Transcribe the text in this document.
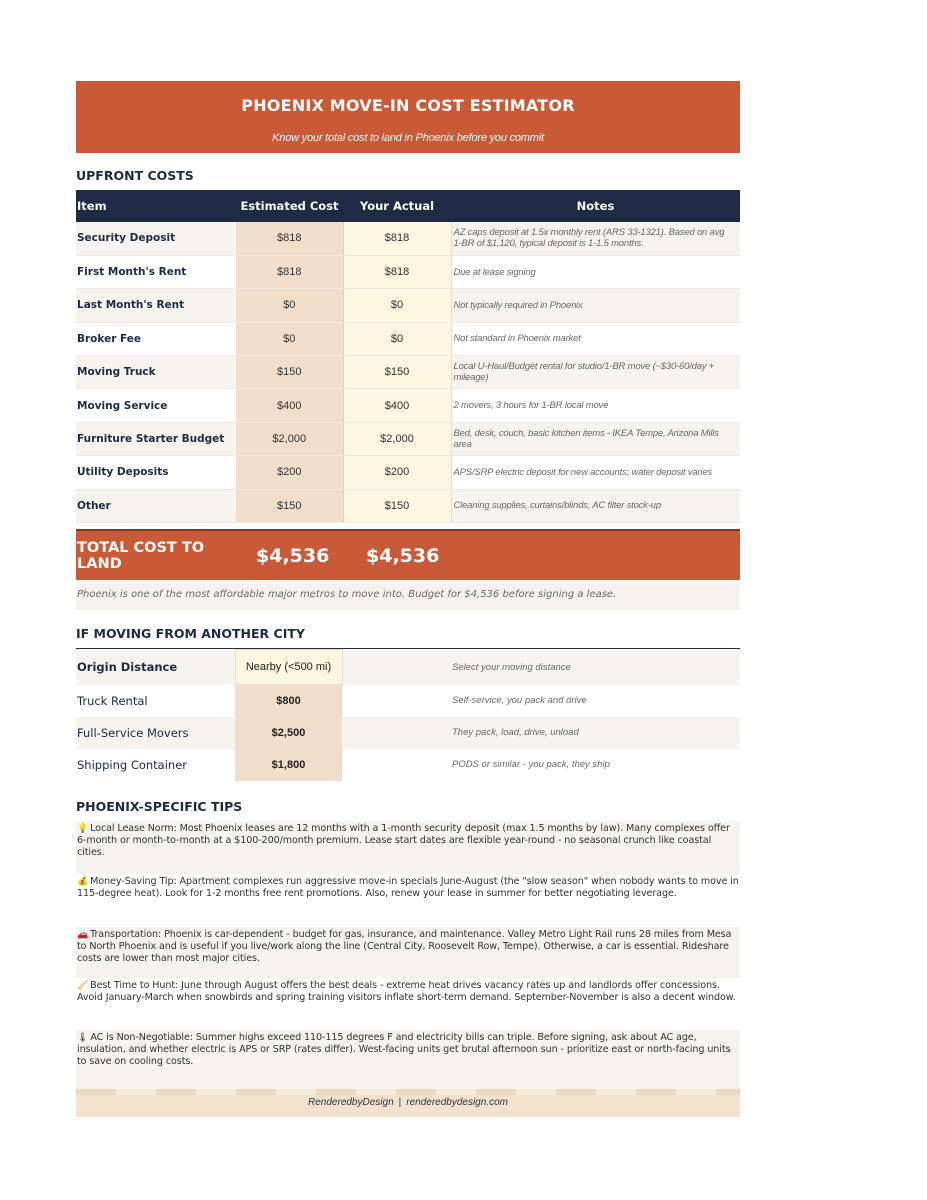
PHOENIX MOVE-IN COST ESTIMATOR
Know your total cost to land in Phoenix before you commit
UPFRONT COSTS
Item	Estimated Cost	Your Actual	Notes
Security Deposit	$818	$818	AZ caps deposit at 1.5x monthly rent (ARS 33-1321). Based on avg 1-BR of $1,120, typical deposit is 1-1.5 months.
First Month's Rent	$818	$818	Due at lease signing
Last Month's Rent	$0	$0	Not typically required in Phoenix
Broker Fee	$0	$0	Not standard in Phoenix market
Moving Truck	$150	$150	Local U-Haul/Budget rental for studio/1-BR move (~$30-60/day + mileage)
Moving Service	$400	$400	2 movers, 3 hours for 1-BR local move
Furniture Starter Budget	$2,000	$2,000	Bed, desk, couch, basic kitchen items - IKEA Tempe, Arizona Mills area
Utility Deposits	$200	$200	APS/SRP electric deposit for new accounts; water deposit varies
Other	$150	$150	Cleaning supplies, curtains/blinds, AC filter stock-up
TOTAL COST TO LAND	$4,536	$4,536
Phoenix is one of the most affordable major metros to move into. Budget for $4,536 before signing a lease.
IF MOVING FROM ANOTHER CITY
Origin Distance	Nearby (<500 mi)		Select your moving distance
Truck Rental	$800		Self-service, you pack and drive
Full-Service Movers	$2,500		They pack, load, drive, unload
Shipping Container	$1,800		PODS or similar - you pack, they ship
PHOENIX-SPECIFIC TIPS
💡 Local Lease Norm: Most Phoenix leases are 12 months with a 1-month security deposit (max 1.5 months by law). Many complexes offer 6-month or month-to-month at a $100-200/month premium. Lease start dates are flexible year-round - no seasonal crunch like coastal cities.
💰 Money-Saving Tip: Apartment complexes run aggressive move-in specials June-August (the "slow season" when nobody wants to move in 115-degree heat). Look for 1-2 months free rent promotions. Also, renew your lease in summer for better negotiating leverage.
🚗 Transportation: Phoenix is car-dependent - budget for gas, insurance, and maintenance. Valley Metro Light Rail runs 28 miles from Mesa to North Phoenix and is useful if you live/work along the line (Central City, Roosevelt Row, Tempe). Otherwise, a car is essential. Rideshare costs are lower than most major cities.
🧹 Best Time to Hunt: June through August offers the best deals - extreme heat drives vacancy rates up and landlords offer concessions. Avoid January-March when snowbirds and spring training visitors inflate short-term demand. September-November is also a decent window.
🌡 AC is Non-Negotiable: Summer highs exceed 110-115 degrees F and electricity bills can triple. Before signing, ask about AC age, insulation, and whether electric is APS or SRP (rates differ). West-facing units get brutal afternoon sun - prioritize east or north-facing units to save on cooling costs.
RenderedbyDesign | renderedbydesign.com
